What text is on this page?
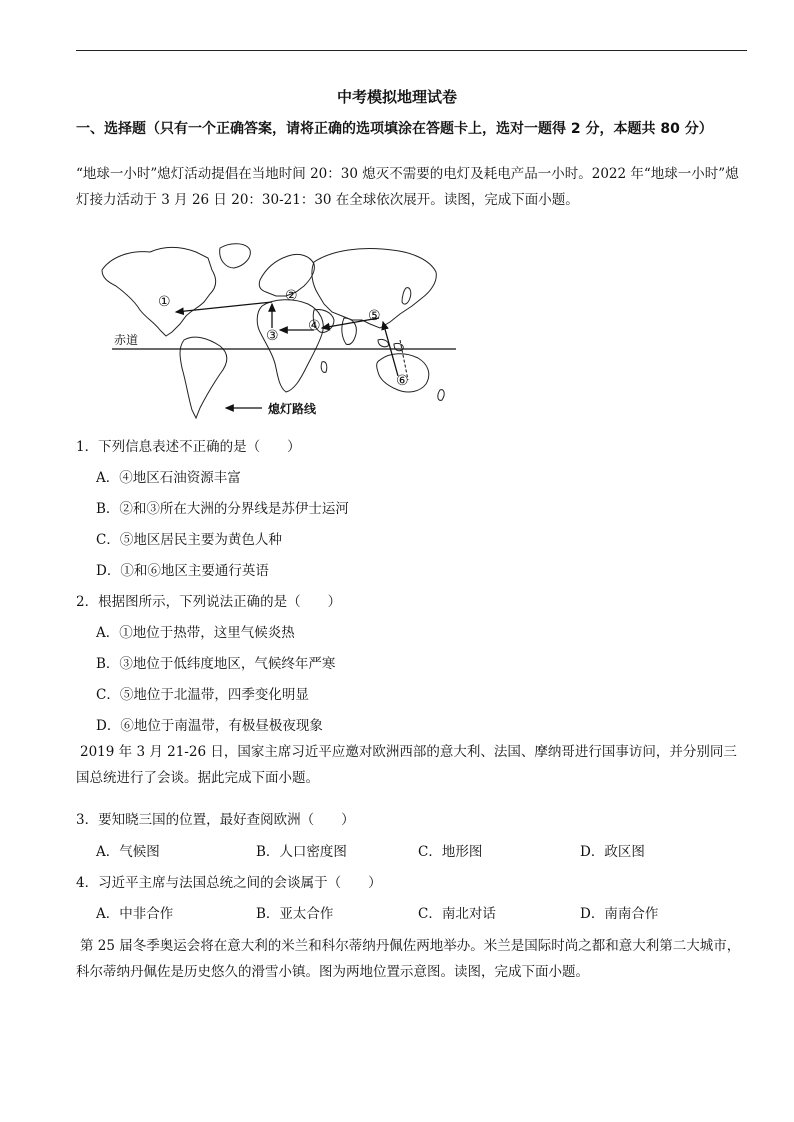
中考模拟地理试卷
一、选择题（只有一个正确答案，请将正确的选项填涂在答题卡上，选对一题得 2 分，本题共 80 分）
“地球一小时”熄灯活动提倡在当地时间 20：30 熄灭不需要的电灯及耗电产品一小时。2022 年“地球一小时”熄灯接力活动于 3 月 26 日 20：30-21：30 在全球依次展开。读图，完成下面小题。
赤道
①	②
③
④
⑤
⑥
熄灯路线
1．下列信息表述不正确的是（　　）
A．④地区石油资源丰富
B．②和③所在大洲的分界线是苏伊士运河
C．⑤地区居民主要为黄色人种
D．①和⑥地区主要通行英语
2．根据图所示，下列说法正确的是（　　）
A．①地位于热带，这里气候炎热
B．③地位于低纬度地区，气候终年严寒
C．⑤地位于北温带，四季变化明显
D．⑥地位于南温带，有极昼极夜现象
2019 年 3 月 21-26 日，国家主席习近平应邀对欧洲西部的意大利、法国、摩纳哥进行国事访问，并分别同三国总统进行了会谈。据此完成下面小题。
3．要知晓三国的位置，最好查阅欧洲（　　）
A．气候图	B．人口密度图	C．地形图	D．政区图
4．习近平主席与法国总统之间的会谈属于（　　）
A．中非合作	B．亚太合作	C．南北对话	D．南南合作
第 25 届冬季奥运会将在意大利的米兰和科尔蒂纳丹佩佐两地举办。米兰是国际时尚之都和意大利第二大城市，科尔蒂纳丹佩佐是历史悠久的滑雪小镇。图为两地位置示意图。读图，完成下面小题。
